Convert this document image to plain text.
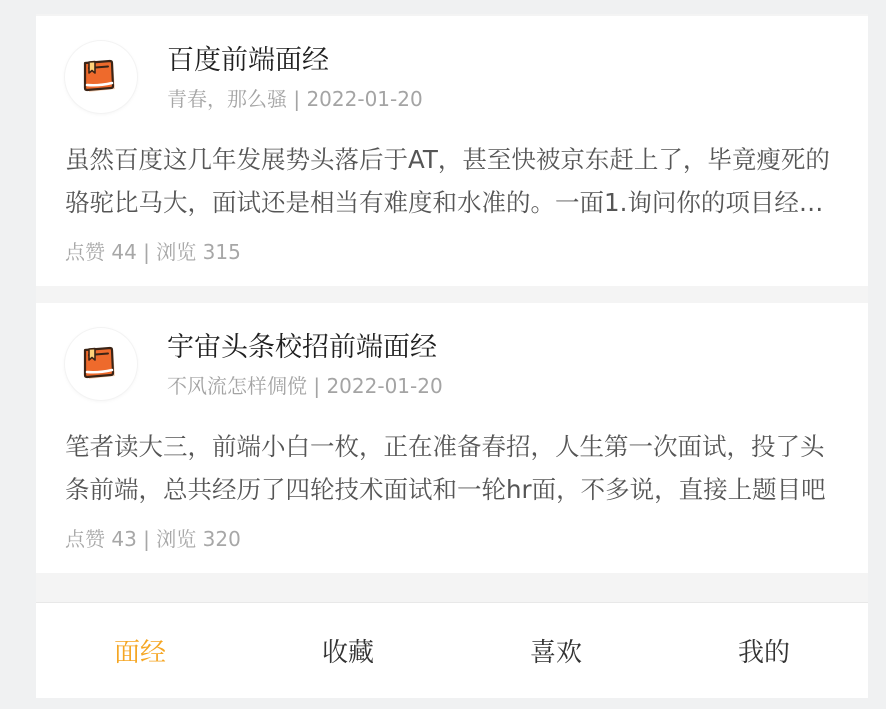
百度前端面经
青春，那么骚 | 2022-01-20
虽然百度这几年发展势头落后于AT，甚至快被京东赶上了，毕竟瘦死的骆驼比马大，面试还是相当有难度和水准的。一面1.询问你的项目经
点赞 44 | 浏览 315
宇宙头条校招前端面经
不风流怎样倜傥 | 2022-01-20
笔者读大三，前端小白一枚，正在准备春招，人生第一次面试，投了头条前端，总共经历了四轮技术面试和一轮hr面，不多说，直接上题目吧
点赞 43 | 浏览 320
面经	收藏	喜欢	我的
